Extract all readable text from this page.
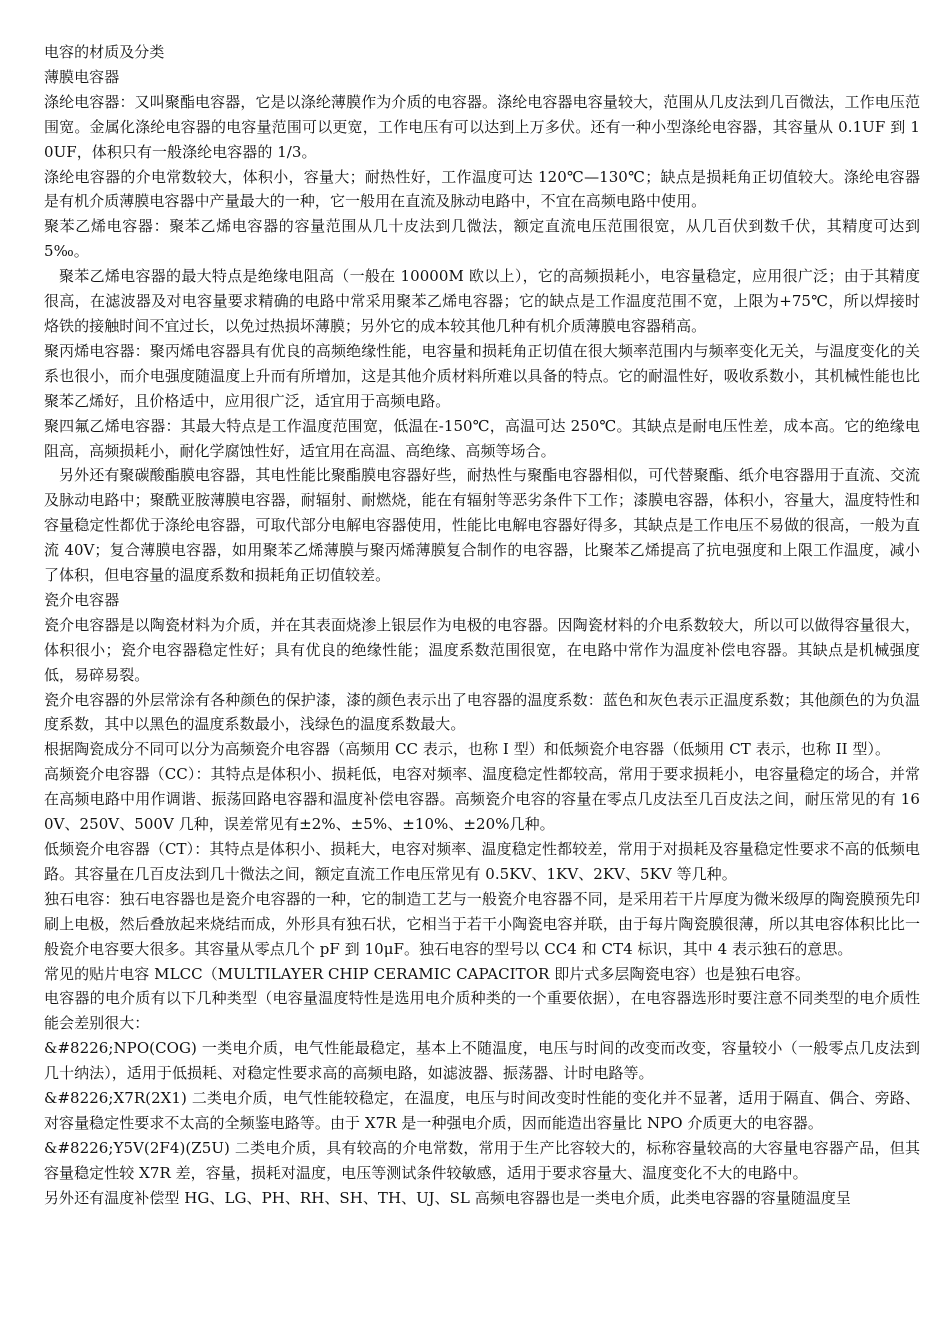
电容的材质及分类

薄膜电容器

涤纶电容器：又叫聚酯电容器，它是以涤纶薄膜作为介质的电容器。涤纶电容器电容量较大，范围从几皮法到几百微法，工作电压范围宽。金属化涤纶电容器的电容量范围可以更宽，工作电压有可以达到上万多伏。还有一种小型涤纶电容器，其容量从 0.1UF 到 10UF，体积只有一般涤纶电容器的 1/3。

涤纶电容器的介电常数较大，体积小，容量大；耐热性好，工作温度可达 120℃—130℃；缺点是损耗角正切值较大。涤纶电容器是有机介质薄膜电容器中产量最大的一种，它一般用在直流及脉动电路中，不宜在高频电路中使用。

聚苯乙烯电容器：聚苯乙烯电容器的容量范围从几十皮法到几微法，额定直流电压范围很宽，从几百伏到数千伏，其精度可达到 5‰。

聚苯乙烯电容器的最大特点是绝缘电阻高（一般在 10000M 欧以上），它的高频损耗小，电容量稳定，应用很广泛；由于其精度很高，在滤波器及对电容量要求精确的电路中常采用聚苯乙烯电容器；它的缺点是工作温度范围不宽，上限为+75℃，所以焊接时烙铁的接触时间不宜过长，以免过热损坏薄膜；另外它的成本较其他几种有机介质薄膜电容器稍高。

聚丙烯电容器：聚丙烯电容器具有优良的高频绝缘性能，电容量和损耗角正切值在很大频率范围内与频率变化无关，与温度变化的关系也很小，而介电强度随温度上升而有所增加，这是其他介质材料所难以具备的特点。它的耐温性好，吸收系数小，其机械性能也比聚苯乙烯好，且价格适中，应用很广泛，适宜用于高频电路。

聚四氟乙烯电容器：其最大特点是工作温度范围宽，低温在-150℃，高温可达 250℃。其缺点是耐电压性差，成本高。它的绝缘电阻高，高频损耗小，耐化学腐蚀性好，适宜用在高温、高绝缘、高频等场合。

另外还有聚碳酸酯膜电容器，其电性能比聚酯膜电容器好些，耐热性与聚酯电容器相似，可代替聚酯、纸介电容器用于直流、交流及脉动电路中；聚酰亚胺薄膜电容器，耐辐射、耐燃烧，能在有辐射等恶劣条件下工作；漆膜电容器，体积小，容量大，温度特性和容量稳定性都优于涤纶电容器，可取代部分电解电容器使用，性能比电解电容器好得多，其缺点是工作电压不易做的很高，一般为直流 40V；复合薄膜电容器，如用聚苯乙烯薄膜与聚丙烯薄膜复合制作的电容器，比聚苯乙烯提高了抗电强度和上限工作温度，减小了体积，但电容量的温度系数和损耗角正切值较差。

瓷介电容器

瓷介电容器是以陶瓷材料为介质，并在其表面烧渗上银层作为电极的电容器。因陶瓷材料的介电系数较大，所以可以做得容量很大，体积很小；瓷介电容器稳定性好；具有优良的绝缘性能；温度系数范围很宽，在电路中常作为温度补偿电容器。其缺点是机械强度低，易碎易裂。

瓷介电容器的外层常涂有各种颜色的保护漆，漆的颜色表示出了电容器的温度系数：蓝色和灰色表示正温度系数；其他颜色的为负温度系数，其中以黑色的温度系数最小，浅绿色的温度系数最大。

根据陶瓷成分不同可以分为高频瓷介电容器（高频用 CC 表示，也称 I 型）和低频瓷介电容器（低频用 CT 表示，也称 II 型）。

高频瓷介电容器（CC）：其特点是体积小、损耗低，电容对频率、温度稳定性都较高，常用于要求损耗小，电容量稳定的场合，并常在高频电路中用作调谐、振荡回路电容器和温度补偿电容器。高频瓷介电容的容量在零点几皮法至几百皮法之间，耐压常见的有 160V、250V、500V 几种，误差常见有±2%、±5%、±10%、±20%几种。

低频瓷介电容器（CT）：其特点是体积小、损耗大，电容对频率、温度稳定性都较差，常用于对损耗及容量稳定性要求不高的低频电路。其容量在几百皮法到几十微法之间，额定直流工作电压常见有 0.5KV、1KV、2KV、5KV 等几种。

独石电容：独石电容器也是瓷介电容器的一种，它的制造工艺与一般瓷介电容器不同，是采用若干片厚度为微米级厚的陶瓷膜预先印刷上电极，然后叠放起来烧结而成，外形具有独石状，它相当于若干小陶瓷电容并联，由于每片陶瓷膜很薄，所以其电容体积比比一般瓷介电容要大很多。其容量从零点几个 pF 到 10μF。独石电容的型号以 CC4 和 CT4 标识，其中 4 表示独石的意思。

常见的贴片电容 MLCC（MULTILAYER CHIP CERAMIC CAPACITOR 即片式多层陶瓷电容）也是独石电容。

电容器的电介质有以下几种类型（电容量温度特性是选用电介质种类的一个重要依据），在电容器选形时要注意不同类型的电介质性能会差别很大：

&#8226;NPO(COG) 一类电介质，电气性能最稳定，基本上不随温度，电压与时间的改变而改变，容量较小（一般零点几皮法到几十纳法），适用于低损耗、对稳定性要求高的高频电路，如滤波器、振荡器、计时电路等。

&#8226;X7R(2X1) 二类电介质，电气性能较稳定，在温度，电压与时间改变时性能的变化并不显著，适用于隔直、偶合、旁路、对容量稳定性要求不太高的全频鉴电路等。由于 X7R 是一种强电介质，因而能造出容量比 NPO 介质更大的电容器。

&#8226;Y5V(2F4)(Z5U) 二类电介质，具有较高的介电常数，常用于生产比容较大的，标称容量较高的大容量电容器产品，但其容量稳定性较 X7R 差，容量，损耗对温度，电压等测试条件较敏感，适用于要求容量大、温度变化不大的电路中。

另外还有温度补偿型 HG、LG、PH、RH、SH、TH、UJ、SL 高频电容器也是一类电介质，此类电容器的容量随温度呈
